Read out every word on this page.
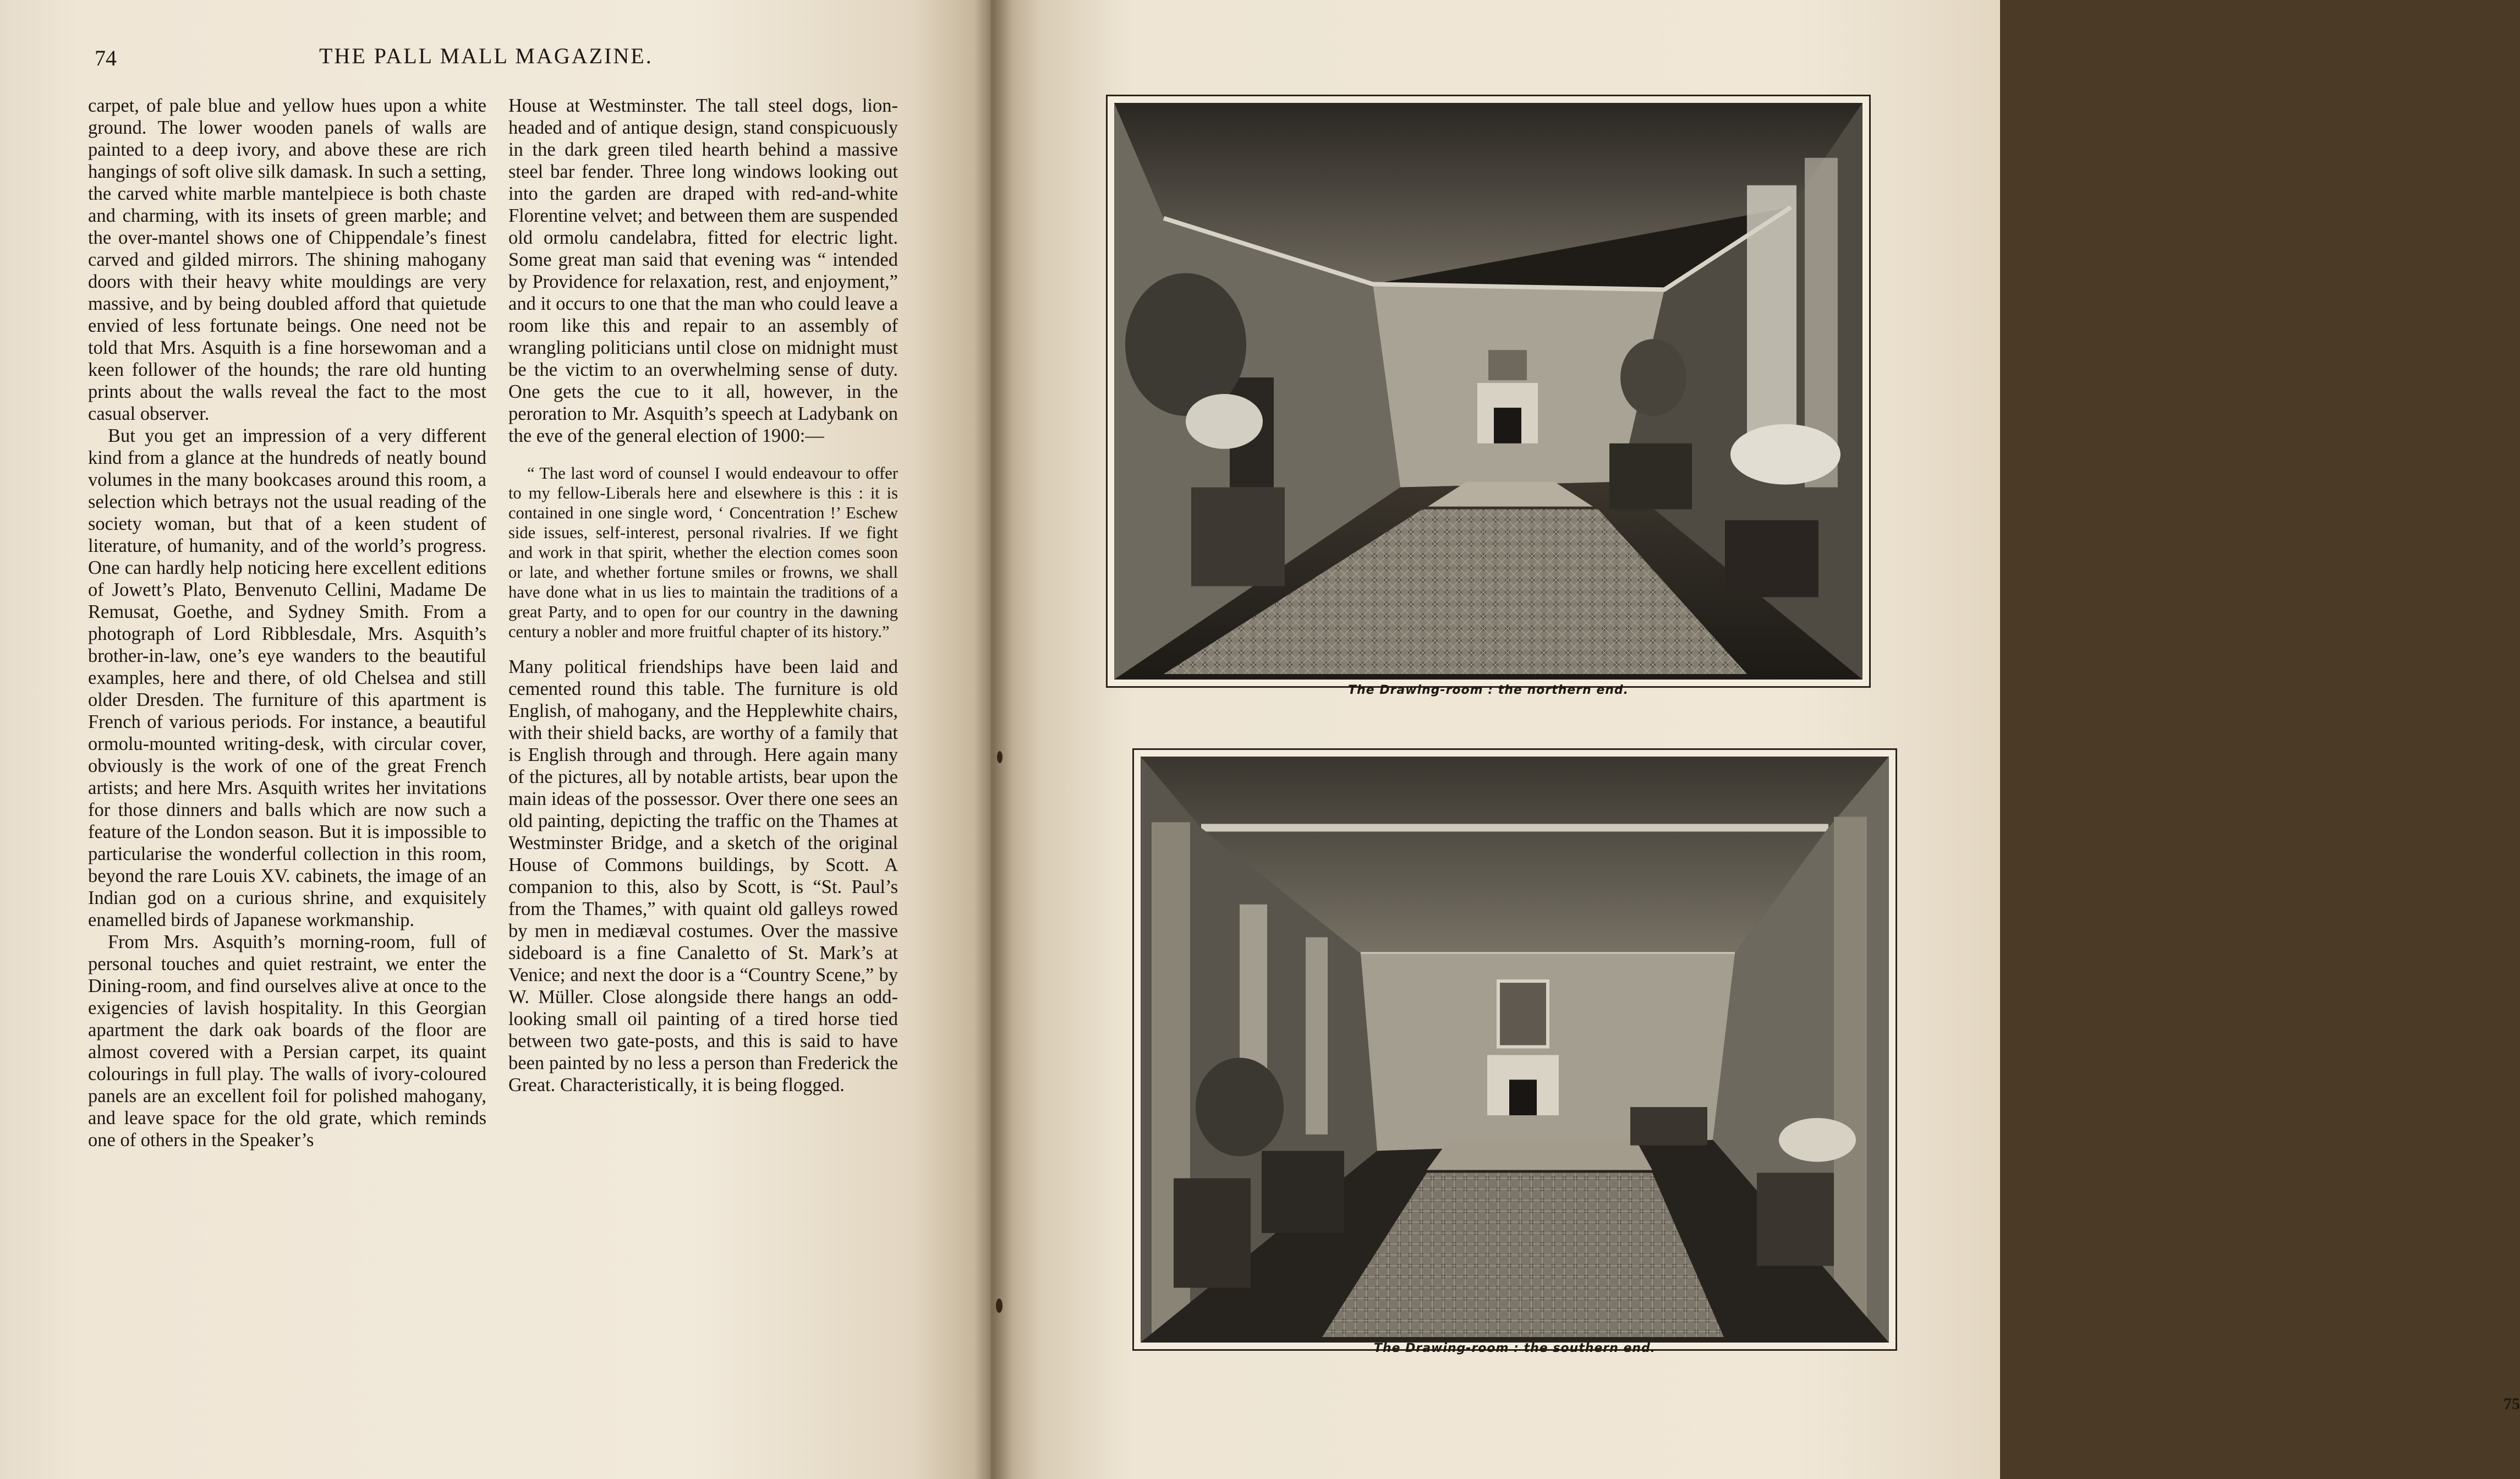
74	THE PALL MALL MAGAZINE.

carpet, of pale blue and yellow hues upon a white ground. The lower wooden panels of walls are painted to a deep ivory, and above these are rich hangings of soft olive silk damask. In such a setting, the carved white marble mantelpiece is both chaste and charming, with its insets of green marble; and the over-mantel shows one of Chippendale’s finest carved and gilded mirrors. The shining mahogany doors with their heavy white mouldings are very massive, and by being doubled afford that quietude envied of less fortunate beings. One need not be told that Mrs. Asquith is a fine horsewoman and a keen follower of the hounds; the rare old hunting prints about the walls reveal the fact to the most casual observer.

But you get an impression of a very different kind from a glance at the hundreds of neatly bound volumes in the many bookcases around this room, a selection which betrays not the usual reading of the society woman, but that of a keen student of literature, of humanity, and of the world’s progress. One can hardly help noticing here excellent editions of Jowett’s Plato, Benvenuto Cellini, Madame De Remusat, Goethe, and Sydney Smith. From a photograph of Lord Ribblesdale, Mrs. Asquith’s brother-in-law, one’s eye wanders to the beautiful examples, here and there, of old Chelsea and still older Dresden. The furniture of this apartment is French of various periods. For instance, a beautiful ormolu-mounted writing-desk, with circular cover, obviously is the work of one of the great French artists; and here Mrs. Asquith writes her invitations for those dinners and balls which are now such a feature of the London season. But it is impossible to particularise the wonderful collection in this room, beyond the rare Louis XV. cabinets, the image of an Indian god on a curious shrine, and exquisitely enamelled birds of Japanese workmanship.

From Mrs. Asquith’s morning-room, full of personal touches and quiet restraint, we enter the Dining-room, and find ourselves alive at once to the exigencies of lavish hospitality. In this Georgian apartment the dark oak boards of the floor are almost covered with a Persian carpet, its quaint colourings in full play. The walls of ivory-coloured panels are an excellent foil for polished mahogany, and leave space for the old grate, which reminds one of others in the Speaker’s

House at Westminster. The tall steel dogs, lion-headed and of antique design, stand conspicuously in the dark green tiled hearth behind a massive steel bar fender. Three long windows looking out into the garden are draped with red-and-white Florentine velvet; and between them are suspended old ormolu candelabra, fitted for electric light. Some great man said that evening was “ intended by Providence for relaxation, rest, and enjoyment,” and it occurs to one that the man who could leave a room like this and repair to an assembly of wrangling politicians until close on midnight must be the victim to an overwhelming sense of duty. One gets the cue to it all, however, in the peroration to Mr. Asquith’s speech at Ladybank on the eve of the general election of 1900:—

“ The last word of counsel I would endeavour to offer to my fellow-Liberals here and elsewhere is this : it is contained in one single word, ‘ Concentration !’ Eschew side issues, self-interest, personal rivalries. If we fight and work in that spirit, whether the election comes soon or late, and whether fortune smiles or frowns, we shall have done what in us lies to maintain the traditions of a great Party, and to open for our country in the dawning century a nobler and more fruitful chapter of its history.”

Many political friendships have been laid and cemented round this table. The furniture is old English, of mahogany, and the Hepplewhite chairs, with their shield backs, are worthy of a family that is English through and through. Here again many of the pictures, all by notable artists, bear upon the main ideas of the possessor. Over there one sees an old painting, depicting the traffic on the Thames at Westminster Bridge, and a sketch of the original House of Commons buildings, by Scott. A companion to this, also by Scott, is “St. Paul’s from the Thames,” with quaint old galleys rowed by men in mediæval costumes. Over the massive sideboard is a fine Canaletto of St. Mark’s at Venice; and next the door is a “Country Scene,” by W. Müller. Close alongside there hangs an odd-looking small oil painting of a tired horse tied between two gate-posts, and this is said to have been painted by no less a person than Frederick the Great. Characteristically, it is being flogged.

The Drawing-room : the northern end.
The Drawing-room : the southern end.
75
